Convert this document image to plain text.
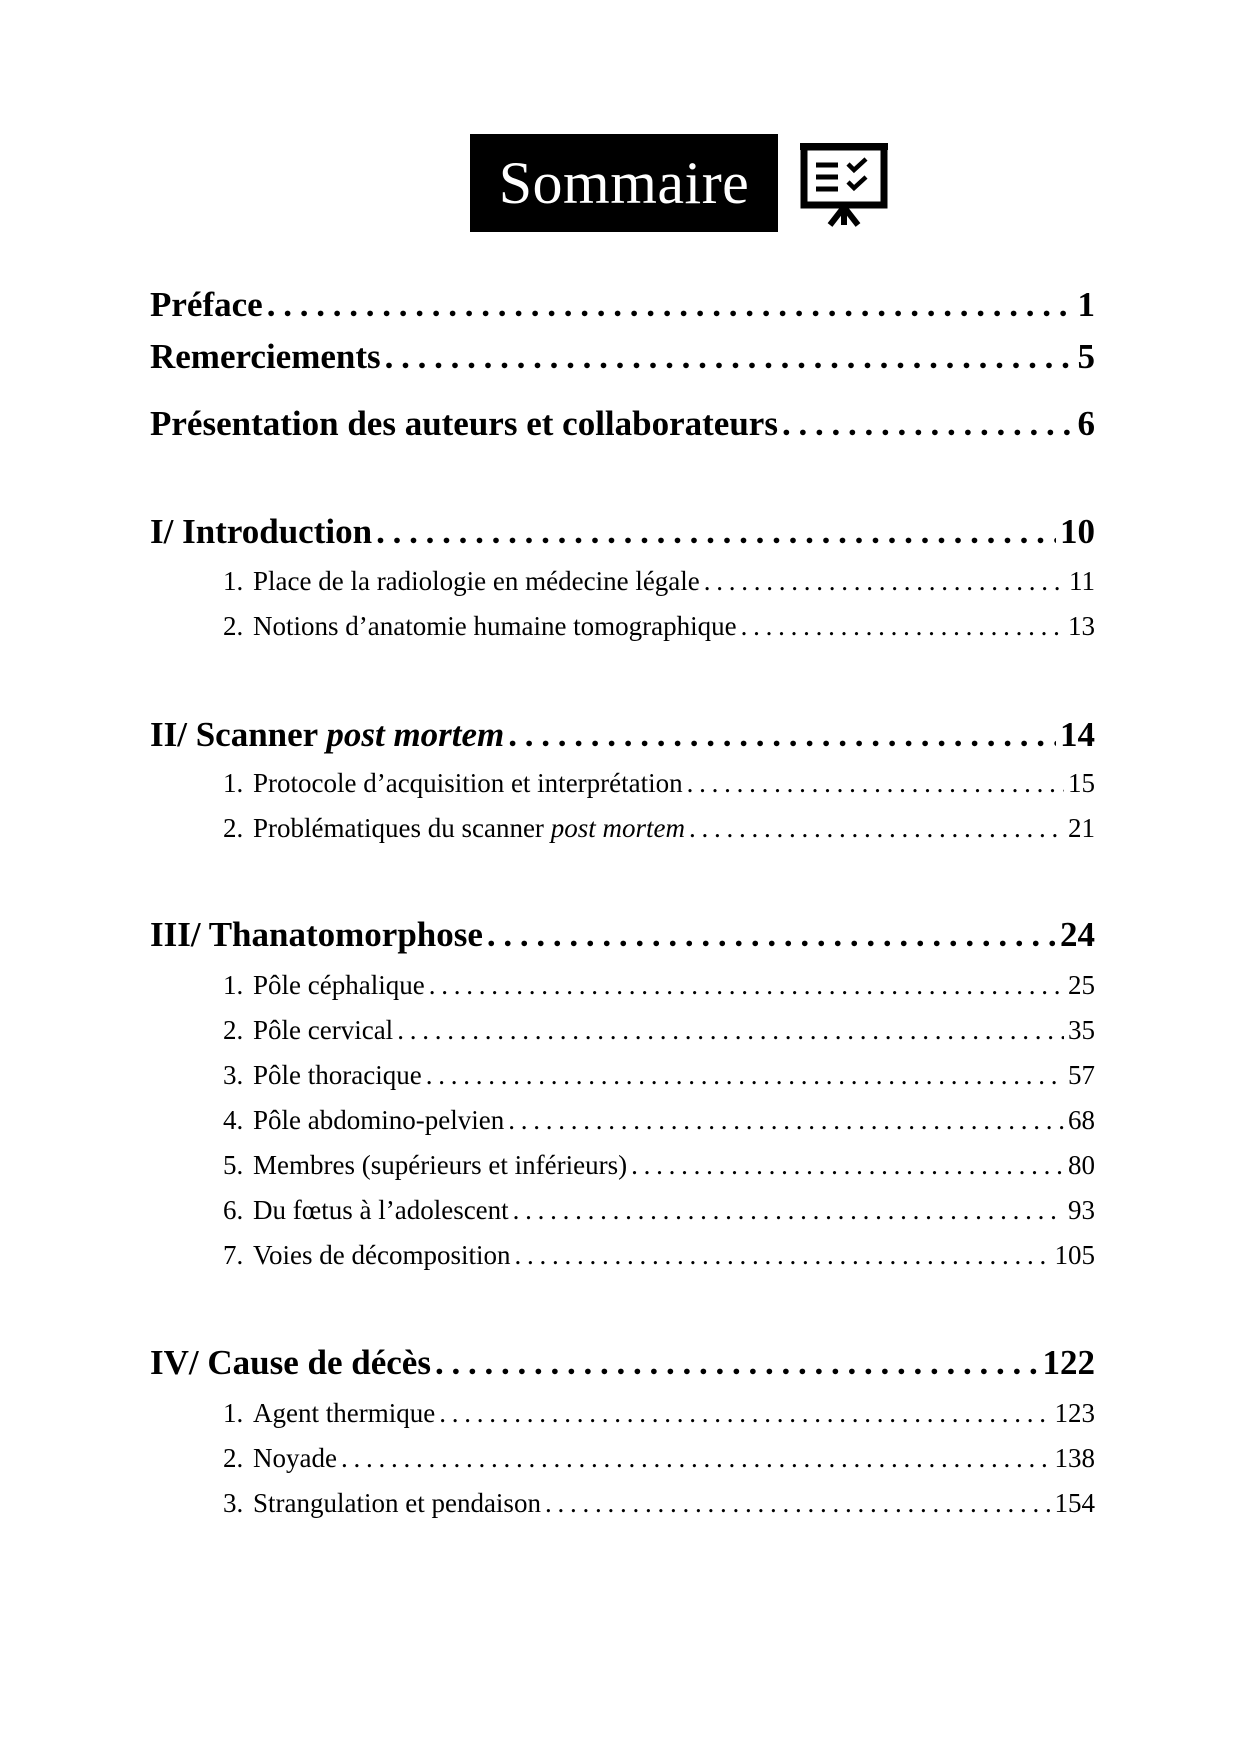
Sommaire
Préface . . .	1
Remerciements . . .	5
Présentation des auteurs et collaborateurs . . .	6
I/ Introduction . . .	10
1. Place de la radiologie en médecine légale . . .	11
2. Notions d’anatomie humaine tomographique . . .	13
II/ Scanner post mortem . . .	14
1. Protocole d’acquisition et interprétation . . .	15
2. Problématiques du scanner post mortem . . .	21
III/ Thanatomorphose . . .	24
1. Pôle céphalique . . .	25
2. Pôle cervical . . .	35
3. Pôle thoracique . . .	57
4. Pôle abdomino-pelvien . . .	68
5. Membres (supérieurs et inférieurs) . . .	80
6. Du fœtus à l’adolescent . . .	93
7. Voies de décomposition . . .	105
IV/ Cause de décès . . .	122
1. Agent thermique . . .	123
2. Noyade . . .	138
3. Strangulation et pendaison . . .	154
